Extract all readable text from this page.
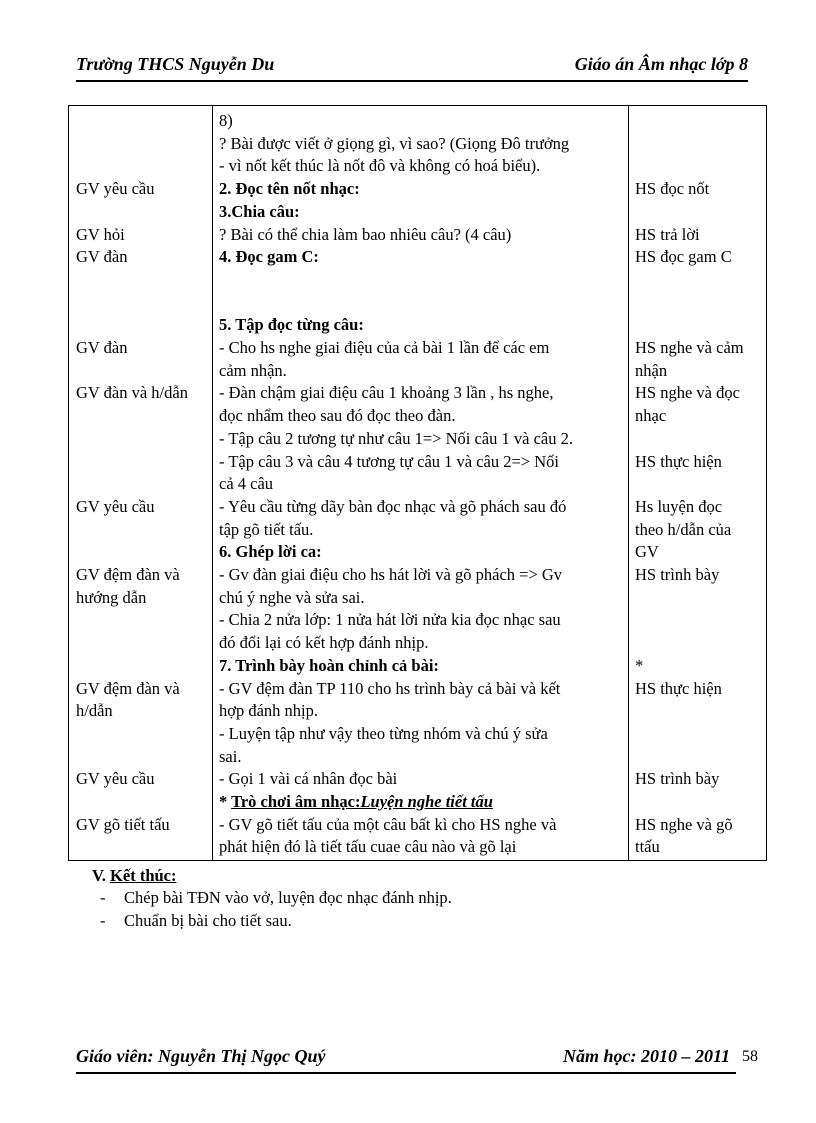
Trường THCS Nguyễn Du	Giáo án Âm nhạc lớp 8
* Trò chơi âm nhạc:Luyện nghe tiết tấu
GV yêu cầu
GV hỏi
GV đàn
GV đàn
GV đàn và h/dẫn
GV yêu cầu
GV đệm đàn và
hướng dẫn
GV đệm đàn và
h/dẫn
GV yêu cầu
GV gõ tiết tấu
8)
? Bài được viết ở giọng gì, vì sao? (Giọng Đô trưởng
- vì nốt kết thúc là nốt đô và không có hoá biểu).
2. Đọc tên nốt nhạc:
3.Chia câu:
? Bài có thể chia làm bao nhiêu câu? (4 câu)
4. Đọc gam C:
5. Tập đọc từng câu:
- Cho hs nghe giai điệu của cả bài 1 lần để các em
cảm nhận.
- Đàn chậm giai điệu câu 1 khoảng 3 lần , hs nghe,
đọc nhẩm theo sau đó đọc theo đàn.
- Tập câu 2 tương tự như câu 1=> Nối câu 1 và câu 2.
- Tập câu 3 và câu 4 tương tự câu 1 và câu 2=> Nối
cả 4 câu
- Yêu cầu từng dãy bàn đọc nhạc và gõ phách sau đó
tập gõ tiết tấu.
6. Ghép lời ca:
- Gv đàn giai điệu cho hs hát lời và gõ phách => Gv
chú ý nghe và sửa sai.
- Chia 2 nửa lớp: 1 nửa hát lời nửa kia đọc nhạc sau
đó đổi lại có kết hợp đánh nhịp.
7. Trình bày hoàn chỉnh cả bài:
- GV đệm đàn TP 110 cho hs trình bày cả bài và kết
hợp đánh nhịp.
- Luyện tập như vậy theo từng nhóm và chú ý sửa
sai.
- Gọi 1 vài cá nhân đọc bài
- GV gõ tiết tấu của một câu bất kì cho HS nghe và
phát hiện đó là tiết tấu cuae câu nào và gõ lại
HS đọc nốt
HS trả lời
HS đọc gam C
HS nghe và cảm
nhận
HS nghe và đọc
nhạc
HS thực hiện
Hs luyện đọc
theo h/dẫn của
GV
HS trình bày
*
HS thực hiện
HS trình bày
HS nghe và gõ
ttấu
V. Kết thúc:
- Chép bài TĐN vào vở, luyện đọc nhạc đánh nhịp.
- Chuẩn bị bài cho tiết sau.
Giáo viên: Nguyễn Thị Ngọc Quý	Năm học: 2010 – 2011 58
